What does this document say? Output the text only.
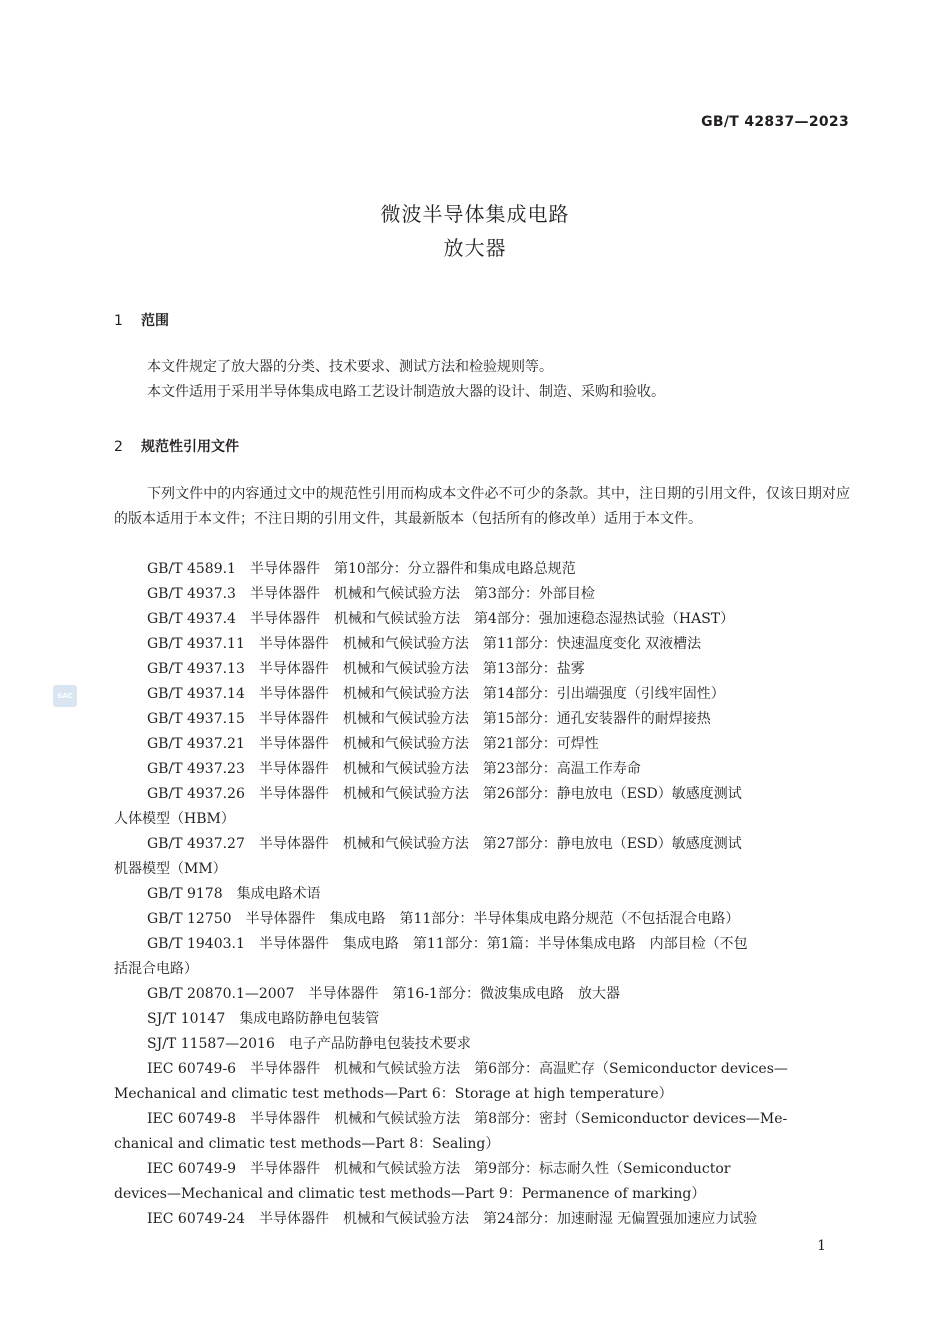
GB/T 42837—2023
微波半导体集成电路
放大器
1 范围
本文件规定了放大器的分类、技术要求、测试方法和检验规则等。
本文件适用于采用半导体集成电路工艺设计制造放大器的设计、制造、采购和验收。
2 规范性引用文件
下列文件中的内容通过文中的规范性引用而构成本文件必不可少的条款。其中，注日期的引用文件，仅该日期对应的版本适用于本文件；不注日期的引用文件，其最新版本（包括所有的修改单）适用于本文件。
GB/T 4589.1 半导体器件　第10部分：分立器件和集成电路总规范
GB/T 4937.3 半导体器件　机械和气候试验方法　第3部分：外部目检
GB/T 4937.4 半导体器件　机械和气候试验方法　第4部分：强加速稳态湿热试验（HAST）
GB/T 4937.11 半导体器件　机械和气候试验方法　第11部分：快速温度变化 双液槽法
GB/T 4937.13 半导体器件　机械和气候试验方法　第13部分：盐雾
GB/T 4937.14 半导体器件　机械和气候试验方法　第14部分：引出端强度（引线牢固性）
GB/T 4937.15 半导体器件　机械和气候试验方法　第15部分：通孔安装器件的耐焊接热
GB/T 4937.21 半导体器件　机械和气候试验方法　第21部分：可焊性
GB/T 4937.23 半导体器件　机械和气候试验方法　第23部分：高温工作寿命
GB/T 4937.26 半导体器件　机械和气候试验方法　第26部分：静电放电（ESD）敏感度测试
人体模型（HBM）
GB/T 4937.27 半导体器件　机械和气候试验方法　第27部分：静电放电（ESD）敏感度测试
机器模型（MM）
GB/T 9178 集成电路术语
GB/T 12750 半导体器件　集成电路　第11部分：半导体集成电路分规范（不包括混合电路）
GB/T 19403.1 半导体器件　集成电路　第11部分：第1篇：半导体集成电路　内部目检（不包
括混合电路）
GB/T 20870.1—2007 半导体器件　第16-1部分：微波集成电路　放大器
SJ/T 10147 集成电路防静电包装管
SJ/T 11587—2016 电子产品防静电包装技术要求
IEC 60749-6 半导体器件　机械和气候试验方法　第6部分：高温贮存（Semiconductor devices—
Mechanical and climatic test methods—Part 6：Storage at high temperature）
IEC 60749-8 半导体器件　机械和气候试验方法　第8部分：密封（Semiconductor devices—Me-
chanical and climatic test methods—Part 8：Sealing）
IEC 60749-9 半导体器件　机械和气候试验方法　第9部分：标志耐久性（Semiconductor
devices—Mechanical and climatic test methods—Part 9：Permanence of marking）
IEC 60749-24 半导体器件　机械和气候试验方法　第24部分：加速耐湿 无偏置强加速应力试验
SAC
1
